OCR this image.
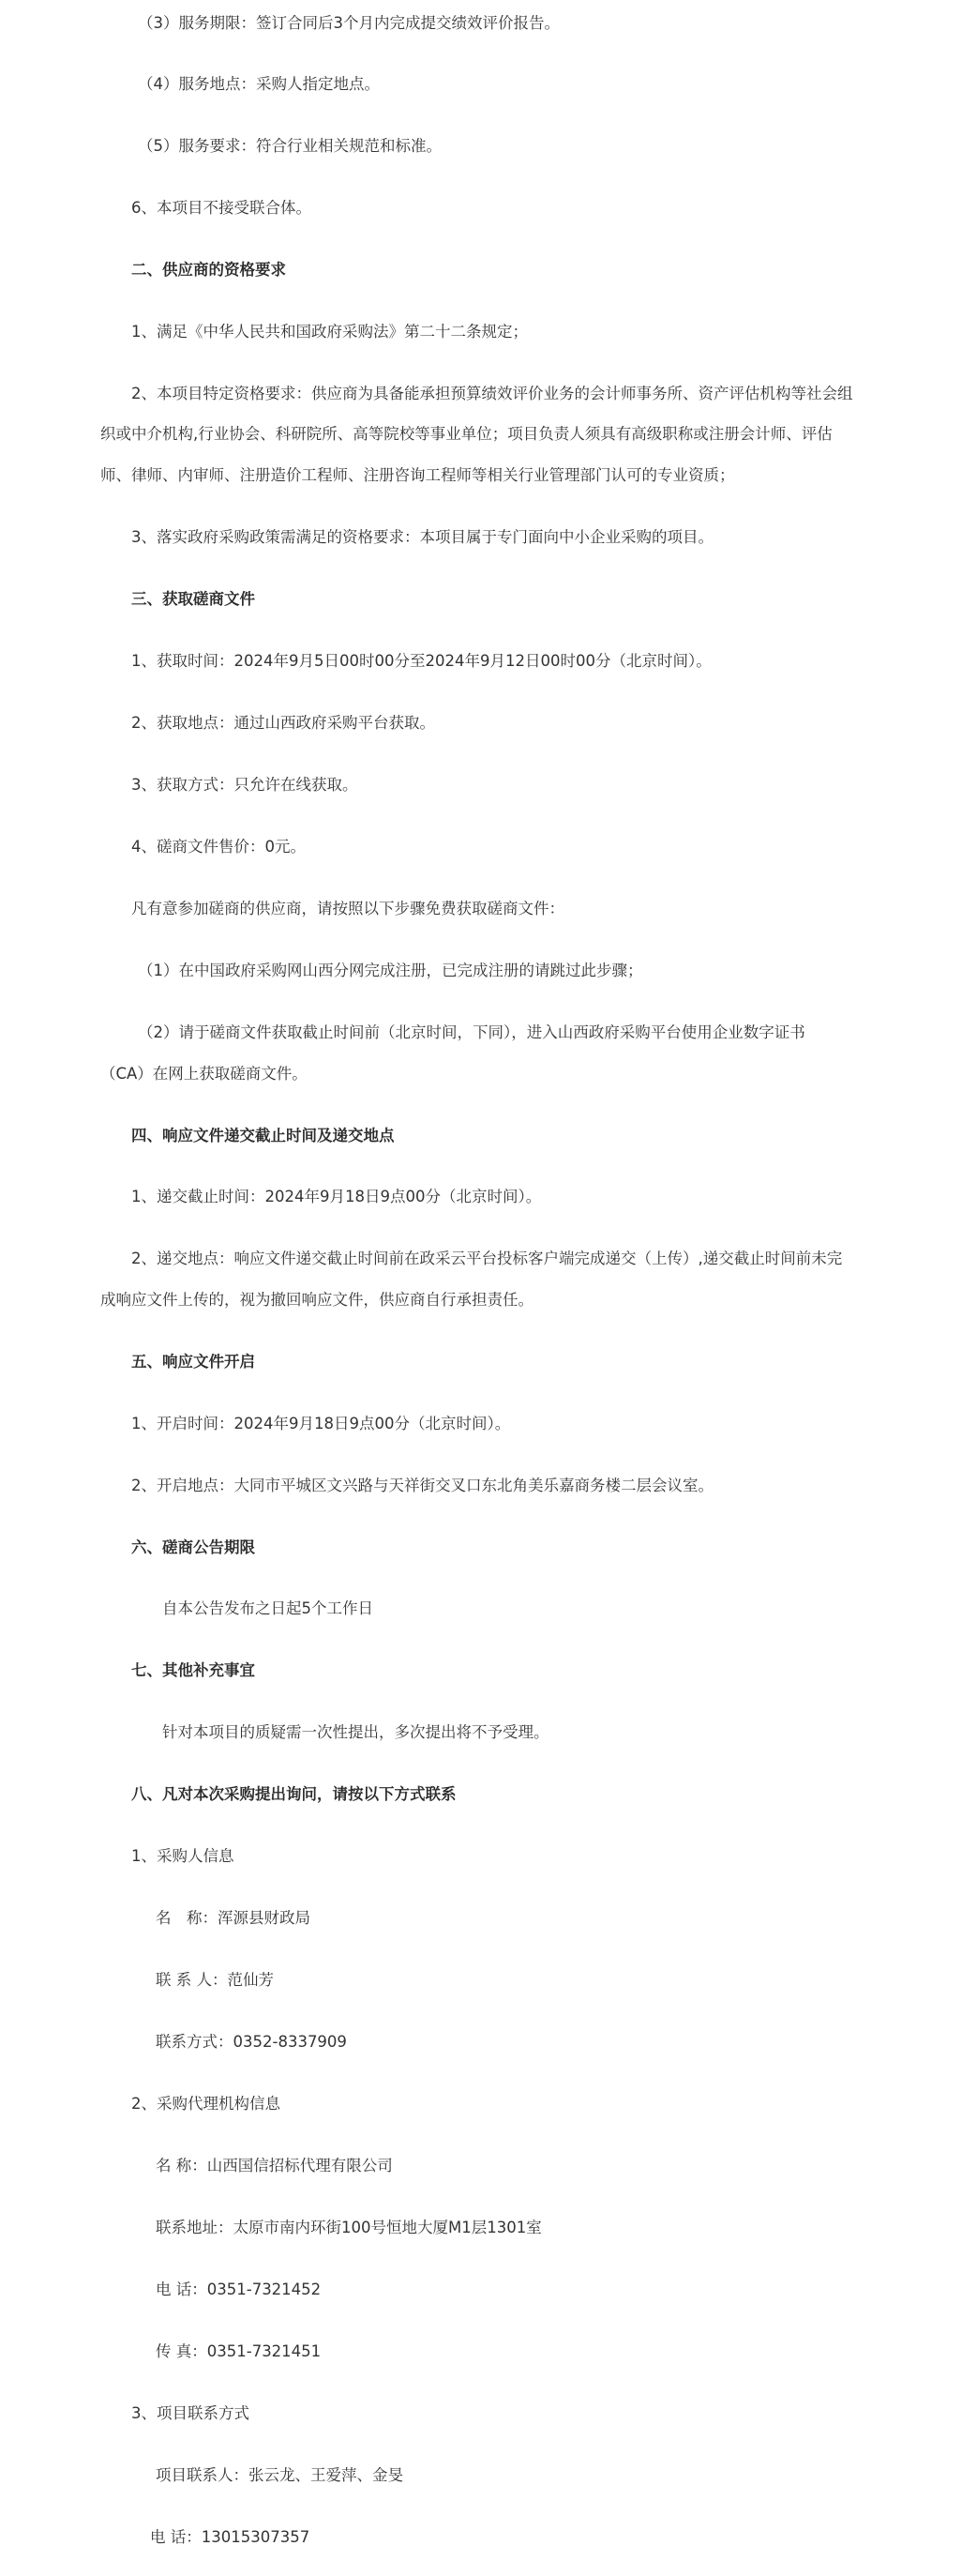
（3）服务期限：签订合同后3个月内完成提交绩效评价报告。
（4）服务地点：采购人指定地点。
（5）服务要求：符合行业相关规范和标准。
6、本项目不接受联合体。
二、供应商的资格要求
1、满足《中华人民共和国政府采购法》第二十二条规定；
2、本项目特定资格要求：供应商为具备能承担预算绩效评价业务的会计师事务所、资产评估机构等社会组
织或中介机构,行业协会、科研院所、高等院校等事业单位；项目负责人须具有高级职称或注册会计师、评估
师、律师、内审师、注册造价工程师、注册咨询工程师等相关行业管理部门认可的专业资质；
3、落实政府采购政策需满足的资格要求：本项目属于专门面向中小企业采购的项目。
三、获取磋商文件
1、获取时间：2024年9月5日00时00分至2024年9月12日00时00分（北京时间）。
2、获取地点：通过山西政府采购平台获取。
3、获取方式：只允许在线获取。
4、磋商文件售价：0元。
凡有意参加磋商的供应商，请按照以下步骤免费获取磋商文件：
（1）在中国政府采购网山西分网完成注册，已完成注册的请跳过此步骤；
（2）请于磋商文件获取截止时间前（北京时间，下同），进入山西政府采购平台使用企业数字证书
（CA）在网上获取磋商文件。
四、响应文件递交截止时间及递交地点
1、递交截止时间：2024年9月18日9点00分（北京时间）。
2、递交地点：响应文件递交截止时间前在政采云平台投标客户端完成递交（上传）,递交截止时间前未完
成响应文件上传的，视为撤回响应文件，供应商自行承担责任。
五、响应文件开启
1、开启时间：2024年9月18日9点00分（北京时间）。
2、开启地点：大同市平城区文兴路与天祥街交叉口东北角美乐嘉商务楼二层会议室。
六、磋商公告期限
自本公告发布之日起5个工作日
七、其他补充事宜
针对本项目的质疑需一次性提出，多次提出将不予受理。
八、凡对本次采购提出询问，请按以下方式联系
1、采购人信息
名　称：浑源县财政局
联 系 人：范仙芳
联系方式：0352-8337909
2、采购代理机构信息
名 称：山西国信招标代理有限公司
联系地址：太原市南内环街100号恒地大厦M1层1301室
电 话：0351-7321452
传 真：0351-7321451
3、项目联系方式
项目联系人：张云龙、王爱萍、金旻
电 话：13015307357
